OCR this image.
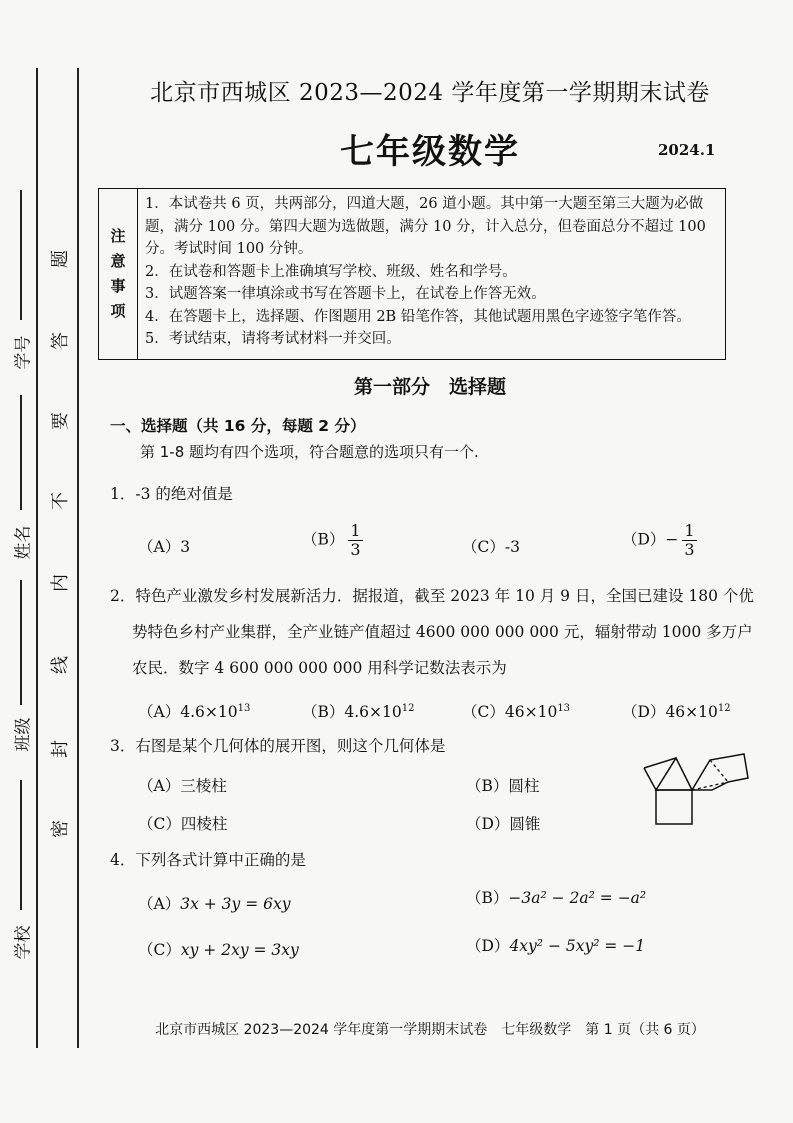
学号
姓名
班级
学校
题
答
要
不
内
线
封
密
北京市西城区 2023—2024 学年度第一学期期末试卷
七年级数学	2024.1
注
意
事
项
1．本试卷共 6 页，共两部分，四道大题，26 道小题。其中第一大题至第三大题为必做题，满分 100 分。第四大题为选做题，满分 10 分，计入总分，但卷面总分不超过 100 分。考试时间 100 分钟。
2．在试卷和答题卡上准确填写学校、班级、姓名和学号。
3．试题答案一律填涂或书写在答题卡上，在试卷上作答无效。
4．在答题卡上，选择题、作图题用 2B 铅笔作答，其他试题用黑色字迹签字笔作答。
5．考试结束，请将考试材料一并交回。
第一部分　选择题
一、选择题（共 16 分，每题 2 分）
第 1-8 题均有四个选项，符合题意的选项只有一个.
1．-3 的绝对值是
（A）3	$(B) \frac{1}{3}$	（C）-3	$(D)- \frac{1}{3}$
2．特色产业激发乡村发展新活力．据报道，截至 2023 年 10 月 9 日，全国已建设 180 个优
势特色乡村产业集群，全产业链产值超过 4600 000 000 000 元，辐射带动 1000 多万户
农民．数字 4 600 000 000 000 用科学记数法表示为
$(A)4.6\times 10^{13}$	$(B)4.6\times 10^{12}$	$(C)46\times 10^{13}$	$(D)46\times 10^{12}$
3．右图是某个几何体的展开图，则这个几何体是
（A）三棱柱	（B）圆柱
（C）四棱柱	（D）圆锥
4．下列各式计算中正确的是
（A）3x + 3y = 6xy	（B）−3a² − 2a² = −a²
（C）xy + 2xy = 3xy	（D）4xy² − 5xy² = −1
北京市西城区 2023—2024 学年度第一学期期末试卷　七年级数学　第 1 页（共 6 页）
